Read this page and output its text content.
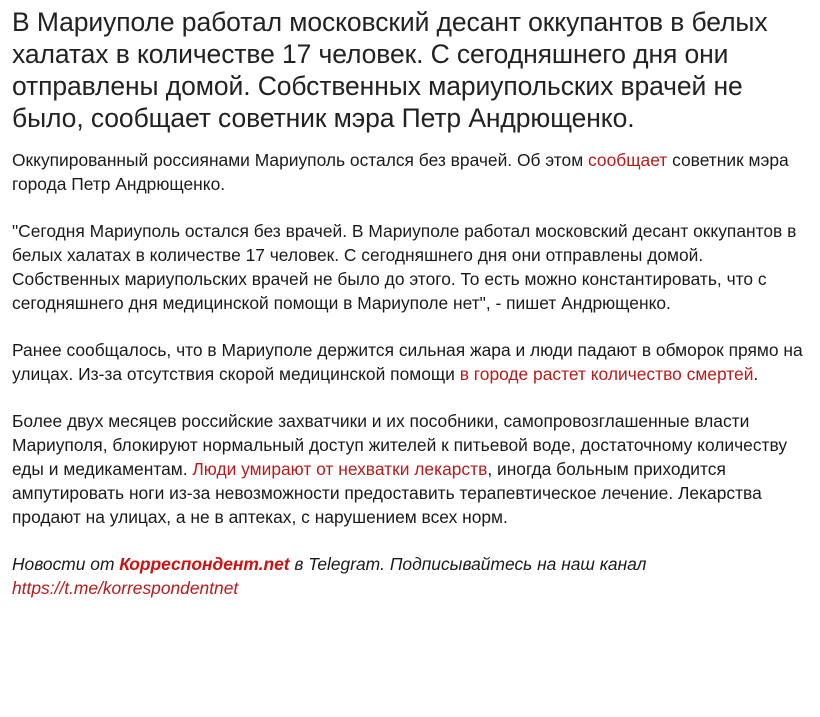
В Мариуполе работал московский десант оккупантов в белых халатах в количестве 17 человек. С сегодняшнего дня они отправлены домой. Собственных мариупольских врачей не было, сообщает советник мэра Петр Андрющенко.

Оккупированный россиянами Мариуполь остался без врачей. Об этом сообщает советник мэра города Петр Андрющенко.

"Сегодня Мариуполь остался без врачей. В Мариуполе работал московский десант оккупантов в белых халатах в количестве 17 человек. С сегодняшнего дня они отправлены домой. Собственных мариупольских врачей не было до этого. То есть можно константировать, что с сегодняшнего дня медицинской помощи в Мариуполе нет", - пишет Андрющенко.

Ранее сообщалось, что в Мариуполе держится сильная жара и люди падают в обморок прямо на улицах. Из-за отсутствия скорой медицинской помощи в городе растет количество смертей.

Более двух месяцев российские захватчики и их пособники, самопровозглашенные власти Мариуполя, блокируют нормальный доступ жителей к питьевой воде, достаточному количеству еды и медикаментам. Люди умирают от нехватки лекарств, иногда больным приходится ампутировать ноги из-за невозможности предоставить терапевтическое лечение. Лекарства продают на улицах, а не в аптеках, с нарушением всех норм.

Новости от Корреспондент.net в Telegram. Подписывайтесь на наш канал https://t.me/korrespondentnet
